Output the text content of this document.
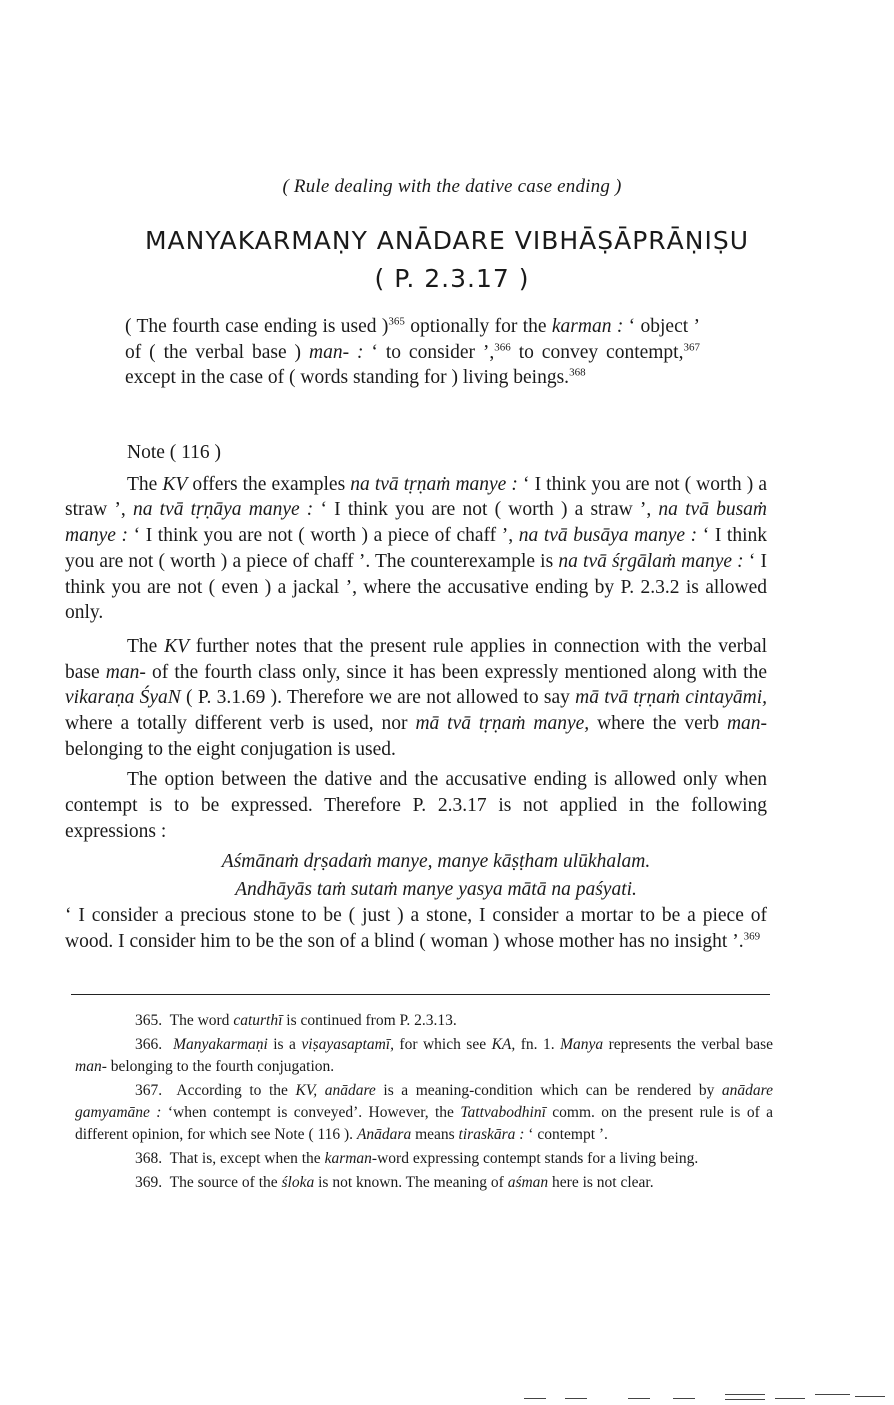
( Rule dealing with the dative case ending )
MANYAKARMAṆY ANĀDARE VIBHĀṢĀPRĀṆIṢU
( P. 2.3.17 )
( The fourth case ending is used )$^{365}$ optionally for the karman : ‘ object ’ of ( the verbal base ) man- : ‘ to consider ’,$^{366}$ to convey contempt,$^{367}$ except in the case of ( words standing for ) living beings.$^{368}$
Note ( 116 )

The KV offers the examples na tvā tṛṇaṁ manye : ‘ I think you are not ( worth ) a straw ’, na tvā tṛṇāya manye : ‘ I think you are not ( worth ) a straw ’, na tvā busaṁ manye : ‘ I think you are not ( worth ) a piece of chaff ’, na tvā busāya manye : ‘ I think you are not ( worth ) a piece of chaff ’. The counterexample is na tvā śṛgālaṁ manye : ‘ I think you are not ( even ) a jackal ’, where the accusative ending by P. 2.3.2 is allowed only.

The KV further notes that the present rule applies in connection with the verbal base man- of the fourth class only, since it has been expressly mentioned along with the vikaraṇa ŚyaN ( P. 3.1.69 ). Therefore we are not allowed to say mā tvā tṛṇaṁ cintayāmi, where a totally different verb is used, nor mā tvā tṛṇaṁ manye, where the verb man- belonging to the eight conjugation is used.

The option between the dative and the accusative ending is allowed only when contempt is to be expressed. Therefore P. 2.3.17 is not applied in the following expressions :

Aśmānaṁ dṛṣadaṁ manye, manye kāṣṭham ulūkhalam.

Andhāyās taṁ sutaṁ manye yasya mātā na paśyati.

‘ I consider a precious stone to be ( just ) a stone, I consider a mortar to be a piece of wood. I consider him to be the son of a blind ( woman ) whose mother has no insight ’.$^{369}$

365. The word caturthī is continued from P. 2.3.13.

366. Manyakarmaṇi is a viṣayasaptamī, for which see KA, fn. 1. Manya represents the verbal base man- belonging to the fourth conjugation.

367. According to the KV, anādare is a meaning-condition which can be rendered by anādare gamyamāne : ‘when contempt is conveyed’. However, the Tattvabodhinī comm. on the present rule is of a different opinion, for which see Note ( 116 ). Anādara means tiraskāra : ‘ contempt ’.

368. That is, except when the karman-word expressing contempt stands for a living being.

369. The source of the śloka is not known. The meaning of aśman here is not clear.
